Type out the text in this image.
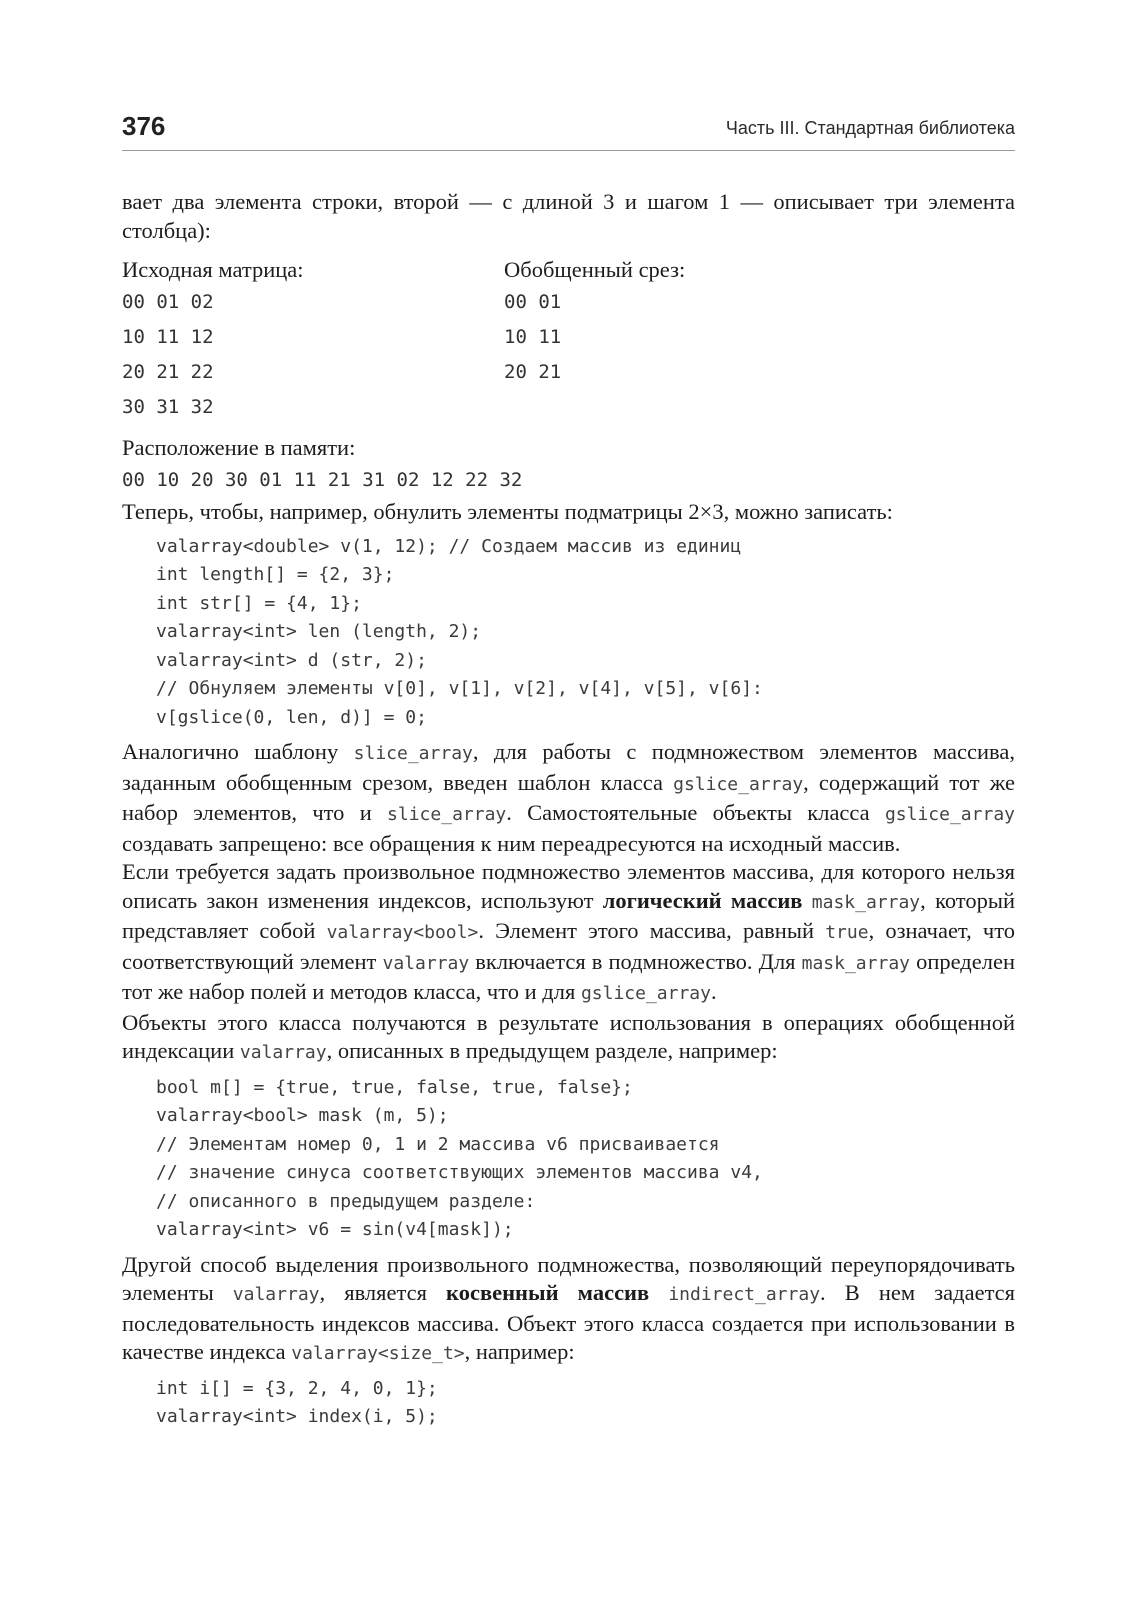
376	Часть III. Стандартная библиотека

вает два элемента строки, второй — с длиной 3 и шагом 1 — описывает три элемента столбца):

Исходная матрица:
00 01 02
10 11 12
20 21 22
30 31 32
Обобщенный срез:
00 01
10 11
20 21
Расположение в памяти:
00 10 20 30 01 11 21 31 02 12 22 32

Теперь, чтобы, например, обнулить элементы подматрицы 2×3, можно записать:

valarray<double> v(1, 12); // Создаем массив из единиц
int length[] = {2, 3};
int str[] = {4, 1};
valarray<int> len (length, 2);
valarray<int> d (str, 2);
// Обнуляем элементы v[0], v[1], v[2], v[4], v[5], v[6]:
v[gslice(0, len, d)] = 0;

Аналогично шаблону slice_array, для работы с подмножеством элементов массива, заданным обобщенным срезом, введен шаблон класса gslice_array, содержащий тот же набор элементов, что и slice_array. Самостоятельные объекты класса gslice_array создавать запрещено: все обращения к ним переадресуются на исходный массив.

Если требуется задать произвольное подмножество элементов массива, для которого нельзя описать закон изменения индексов, используют логический массив mask_array, который представляет собой valarray<bool>. Элемент этого массива, равный true, означает, что соответствующий элемент valarray включается в подмножество. Для mask_array определен тот же набор полей и методов класса, что и для gslice_array.

Объекты этого класса получаются в результате использования в операциях обобщенной индексации valarray, описанных в предыдущем разделе, например:

bool m[] = {true, true, false, true, false};
valarray<bool> mask (m, 5);
// Элементам номер 0, 1 и 2 массива v6 присваивается
// значение синуса соответствующих элементов массива v4,
// описанного в предыдущем разделе:
valarray<int> v6 = sin(v4[mask]);

Другой способ выделения произвольного подмножества, позволяющий переупорядочивать элементы valarray, является косвенный массив indirect_array. В нем задается последовательность индексов массива. Объект этого класса создается при использовании в качестве индекса valarray<size_t>, например:

int i[] = {3, 2, 4, 0, 1};
valarray<int> index(i, 5);
